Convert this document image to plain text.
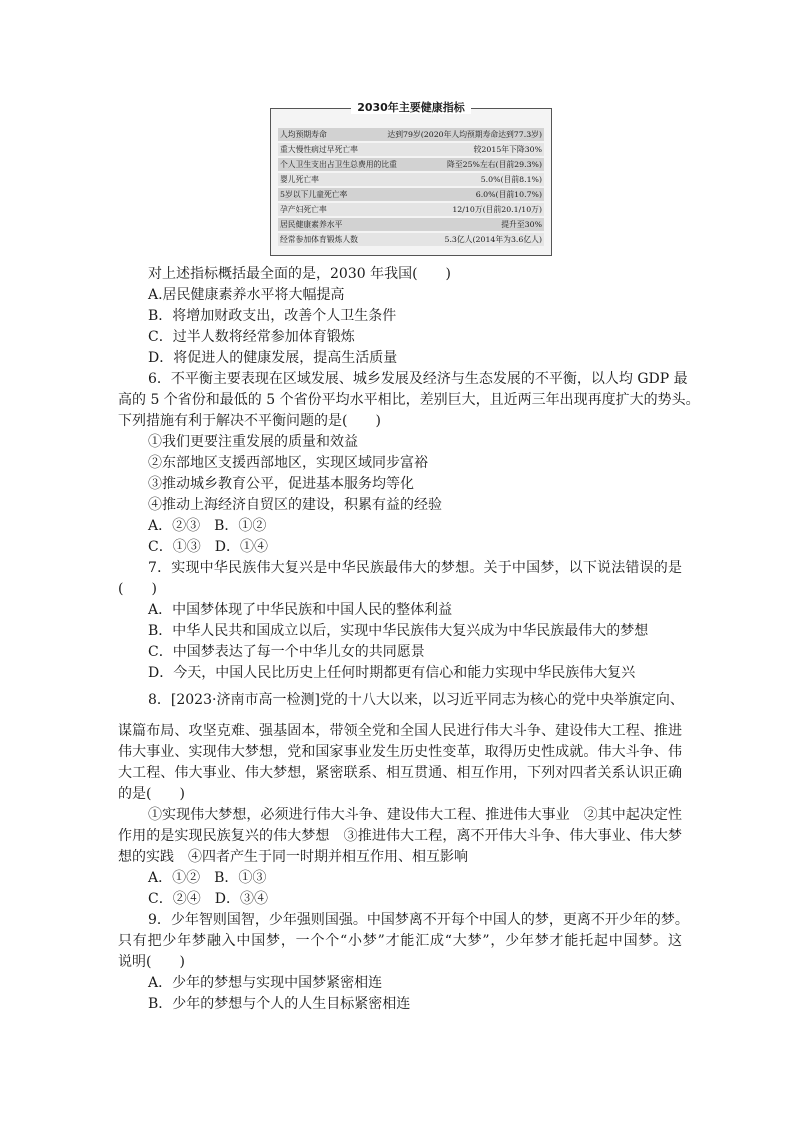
2030年主要健康指标
人均预期寿命	达到79岁(2020年人均预期寿命达到77.3岁)
重大慢性病过早死亡率	较2015年下降30%
个人卫生支出占卫生总费用的比重	降至25%左右(目前29.3%)
婴儿死亡率	5.0%(目前8.1%)
5岁以下儿童死亡率	6.0%(目前10.7%)
孕产妇死亡率	12/10万(目前20.1/10万)
居民健康素养水平	提升至30%
经常参加体育锻炼人数	5.3亿人(2014年为3.6亿人)
对上述指标概括最全面的是，2030 年我国(　　)
A.居民健康素养水平将大幅提高
B．将增加财政支出，改善个人卫生条件
C．过半人数将经常参加体育锻炼
D．将促进人的健康发展，提高生活质量
6．不平衡主要表现在区域发展、城乡发展及经济与生态发展的不平衡，以人均 GDP 最
高的 5 个省份和最低的 5 个省份平均水平相比，差别巨大，且近两三年出现再度扩大的势头。
下列措施有利于解决不平衡问题的是(　　)
①我们更要注重发展的质量和效益
②东部地区支援西部地区，实现区域同步富裕
③推动城乡教育公平，促进基本服务均等化
④推动上海经济自贸区的建设，积累有益的经验
A．②③ B．①②
C．①③ D．①④
7．实现中华民族伟大复兴是中华民族最伟大的梦想。关于中国梦，以下说法错误的是
(　　)
A．中国梦体现了中华民族和中国人民的整体利益
B．中华人民共和国成立以后，实现中华民族伟大复兴成为中华民族最伟大的梦想
C．中国梦表达了每一个中华儿女的共同愿景
D．今天，中国人民比历史上任何时期都更有信心和能力实现中华民族伟大复兴
8．[2023·济南市高一检测]党的十八大以来，以习近平同志为核心的党中央举旗定向、
谋篇布局、攻坚克难、强基固本，带领全党和全国人民进行伟大斗争、建设伟大工程、推进
伟大事业、实现伟大梦想，党和国家事业发生历史性变革，取得历史性成就。伟大斗争、伟
大工程、伟大事业、伟大梦想，紧密联系、相互贯通、相互作用，下列对四者关系认识正确
的是(　　)
①实现伟大梦想，必须进行伟大斗争、建设伟大工程、推进伟大事业　②其中起决定性
作用的是实现民族复兴的伟大梦想　③推进伟大工程，离不开伟大斗争、伟大事业、伟大梦
想的实践　④四者产生于同一时期并相互作用、相互影响
A．①② B．①③
C．②④ D．③④
9．少年智则国智，少年强则国强。中国梦离不开每个中国人的梦，更离不开少年的梦。
只有把少年梦融入中国梦，一个个“小梦”才能汇成“大梦”，少年梦才能托起中国梦。这
说明(　　)
A．少年的梦想与实现中国梦紧密相连
B．少年的梦想与个人的人生目标紧密相连
